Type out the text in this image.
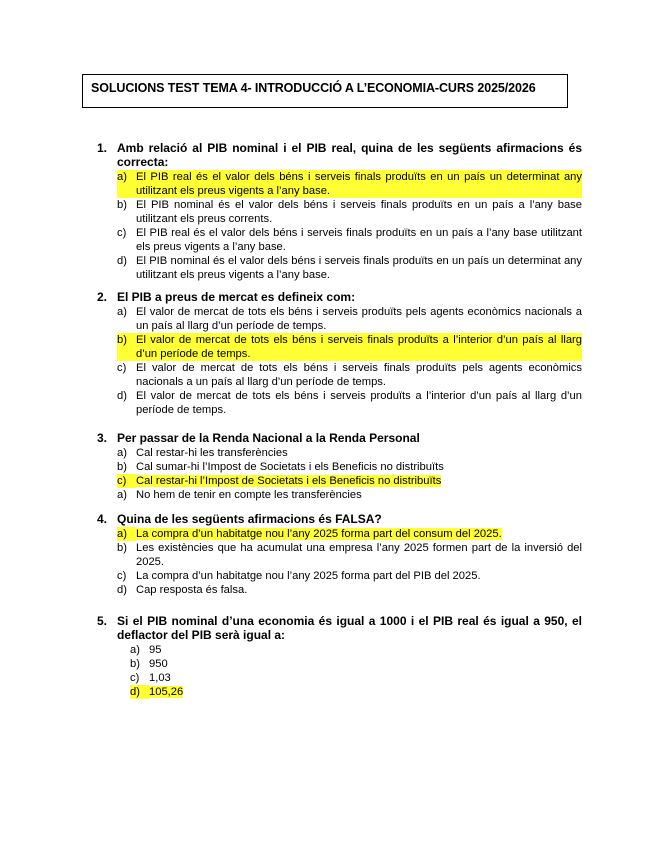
SOLUCIONS TEST TEMA 4- INTRODUCCIÓ A L’ECONOMIA-CURS 2025/2026
1. Amb relació al PIB nominal i el PIB real, quina de les següents afirmacions és correcta:
a) El PIB real és el valor dels béns i serveis finals produïts en un país un determinat any utilitzant els preus vigents a l’any base.
b) El PIB nominal és el valor dels béns i serveis finals produïts en un país a l’any base utilitzant els preus corrents.
c) El PIB real és el valor dels béns i serveis finals produïts en un país a l’any base utilitzant els preus vigents a l’any base.
d) El PIB nominal és el valor dels béns i serveis finals produïts en un país un determinat any utilitzant els preus vigents a l’any base.
2. El PIB a preus de mercat es defineix com:
a) El valor de mercat de tots els béns i serveis produïts pels agents econòmics nacionals a un país al llarg d’un període de temps.
b) El valor de mercat de tots els béns i serveis finals produïts a l’interior d’un país al llarg d’un període de temps.
c) El valor de mercat de tots els béns i serveis finals produïts pels agents econòmics nacionals a un país al llarg d’un període de temps.
d) El valor de mercat de tots els béns i serveis produïts a l’interior d’un país al llarg d’un període de temps.
3. Per passar de la Renda Nacional a la Renda Personal
a) Cal restar-hi les transferències
b) Cal sumar-hi l’Impost de Societats i els Beneficis no distribuïts
c) Cal restar-hi l’Impost de Societats i els Beneficis no distribuïts
a) No hem de tenir en compte les transferències
4. Quina de les següents afirmacions és FALSA?
a) La compra d’un habitatge nou l’any 2025 forma part del consum del 2025.
b) Les existències que ha acumulat una empresa l’any 2025 formen part de la inversió del 2025.
c) La compra d’un habitatge nou l’any 2025 forma part del PIB del 2025.
d) Cap resposta és falsa.
5. Si el PIB nominal d’una economia és igual a 1000 i el PIB real és igual a 950, el deflactor del PIB serà igual a:
a) 95
b) 950
c) 1,03
d) 105,26
